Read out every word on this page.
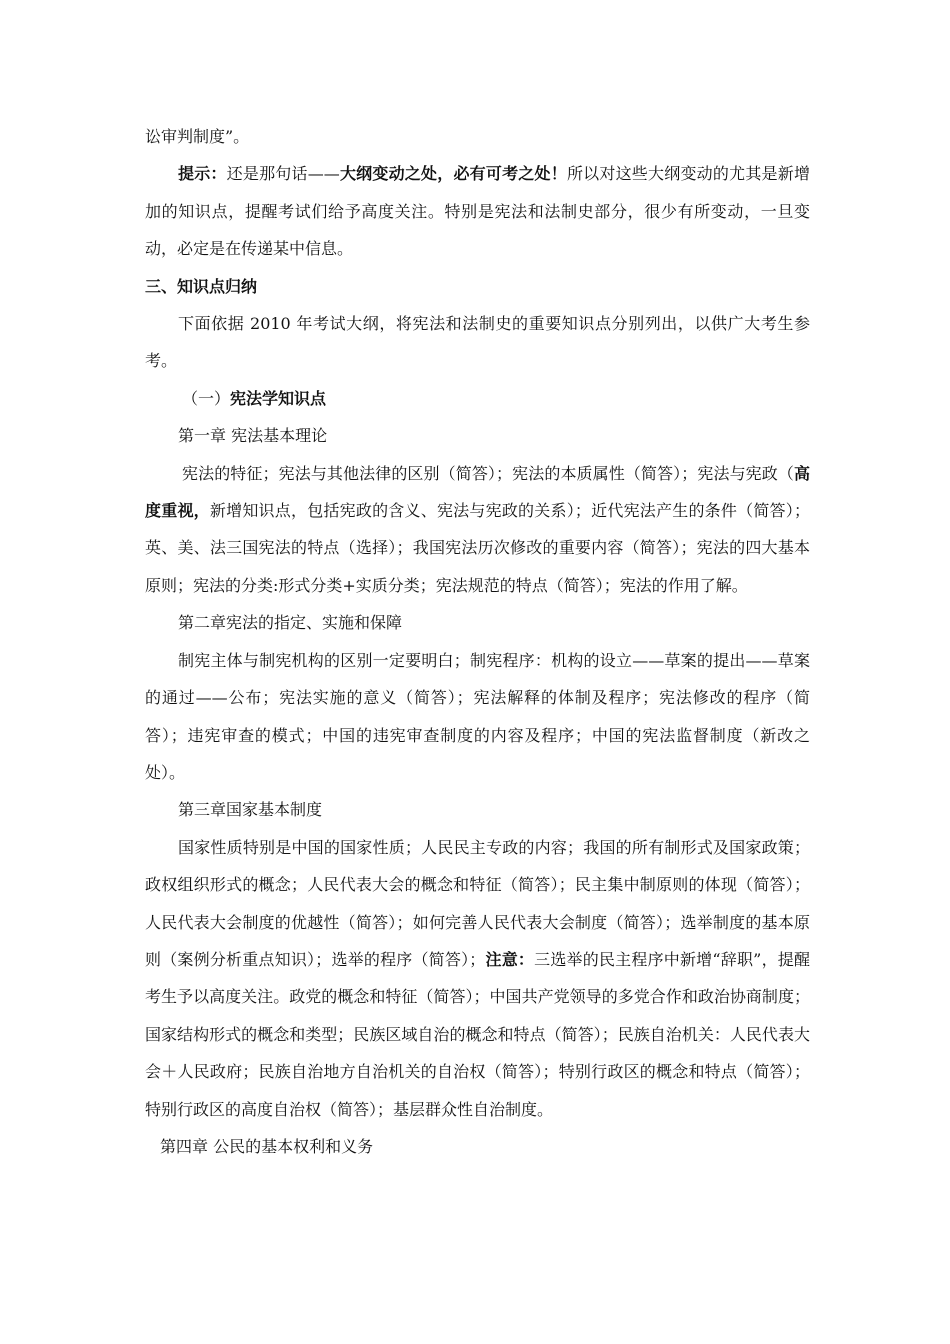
讼审判制度”。

提示：还是那句话——大纲变动之处，必有可考之处！所以对这些大纲变动的尤其是新增加的知识点，提醒考试们给予高度关注。特别是宪法和法制史部分，很少有所变动，一旦变动，必定是在传递某中信息。

三、知识点归纳

下面依据 2010 年考试大纲，将宪法和法制史的重要知识点分别列出，以供广大考生参考。

（一）宪法学知识点

第一章 宪法基本理论

宪法的特征；宪法与其他法律的区别（简答）；宪法的本质属性（简答）；宪法与宪政（高度重视，新增知识点，包括宪政的含义、宪法与宪政的关系）；近代宪法产生的条件（简答）；英、美、法三国宪法的特点（选择）；我国宪法历次修改的重要内容（简答）；宪法的四大基本原则；宪法的分类:形式分类+实质分类；宪法规范的特点（简答）；宪法的作用了解。

第二章宪法的指定、实施和保障

制宪主体与制宪机构的区别一定要明白；制宪程序：机构的设立——草案的提出——草案的通过——公布；宪法实施的意义（简答）；宪法解释的体制及程序；宪法修改的程序（简答）；违宪审查的模式；中国的违宪审查制度的内容及程序；中国的宪法监督制度（新改之处）。

第三章国家基本制度

国家性质特别是中国的国家性质；人民民主专政的内容；我国的所有制形式及国家政策；政权组织形式的概念；人民代表大会的概念和特征（简答）；民主集中制原则的体现（简答）；人民代表大会制度的优越性（简答）；如何完善人民代表大会制度（简答）；选举制度的基本原则（案例分析重点知识）；选举的程序（简答）；注意：三选举的民主程序中新增“辞职”，提醒考生予以高度关注。政党的概念和特征（简答）；中国共产党领导的多党合作和政治协商制度；国家结构形式的概念和类型；民族区域自治的概念和特点（简答）；民族自治机关：人民代表大会＋人民政府；民族自治地方自治机关的自治权（简答）；特别行政区的概念和特点（简答）；特别行政区的高度自治权（简答）；基层群众性自治制度。

第四章 公民的基本权利和义务
